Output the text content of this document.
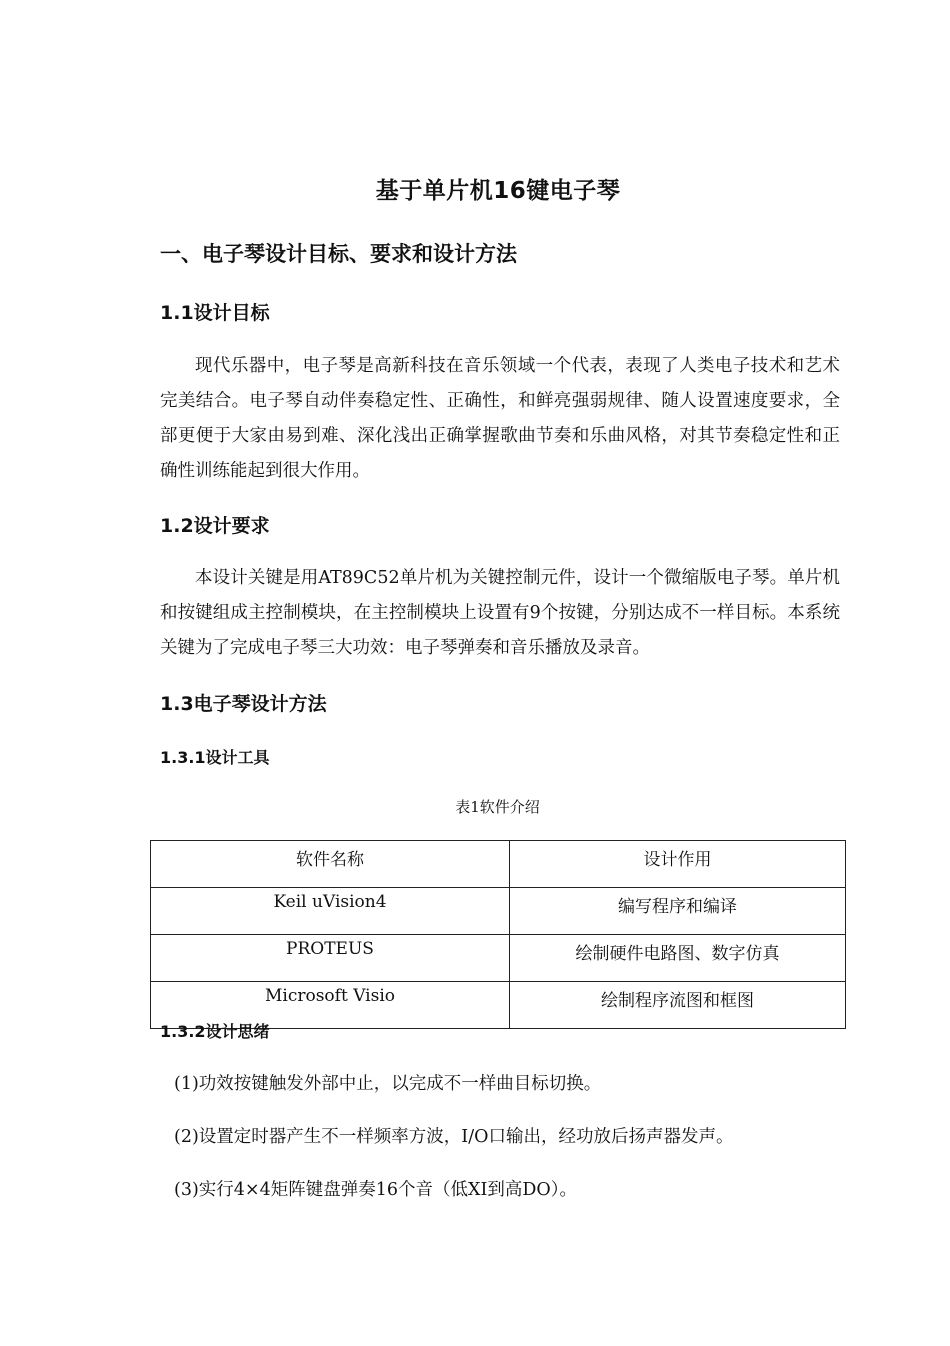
基于单片机16键电子琴
一、电子琴设计目标、要求和设计方法
1.1设计目标

现代乐器中，电子琴是高新科技在音乐领域一个代表，表现了人类电子技术和艺术完美结合。电子琴自动伴奏稳定性、正确性，和鲜亮强弱规律、随人设置速度要求，全部更便于大家由易到难、深化浅出正确掌握歌曲节奏和乐曲风格，对其节奏稳定性和正确性训练能起到很大作用。

1.2设计要求

本设计关键是用AT89C52单片机为关键控制元件，设计一个微缩版电子琴。单片机和按键组成主控制模块，在主控制模块上设置有9个按键，分别达成不一样目标。本系统关键为了完成电子琴三大功效：电子琴弹奏和音乐播放及录音。

1.3电子琴设计方法
1.3.1设计工具

表1软件介绍

软件名称	设计作用
Keil uVision4	编写程序和编译
PROTEUS	绘制硬件电路图、数字仿真
Microsoft Visio	绘制程序流图和框图
1.3.2设计思绪

(1)功效按键触发外部中止，以完成不一样曲目标切换。

(2)设置定时器产生不一样频率方波，I/O口输出，经功放后扬声器发声。

(3)实行4×4矩阵键盘弹奏16个音（低XI到高DO）。
